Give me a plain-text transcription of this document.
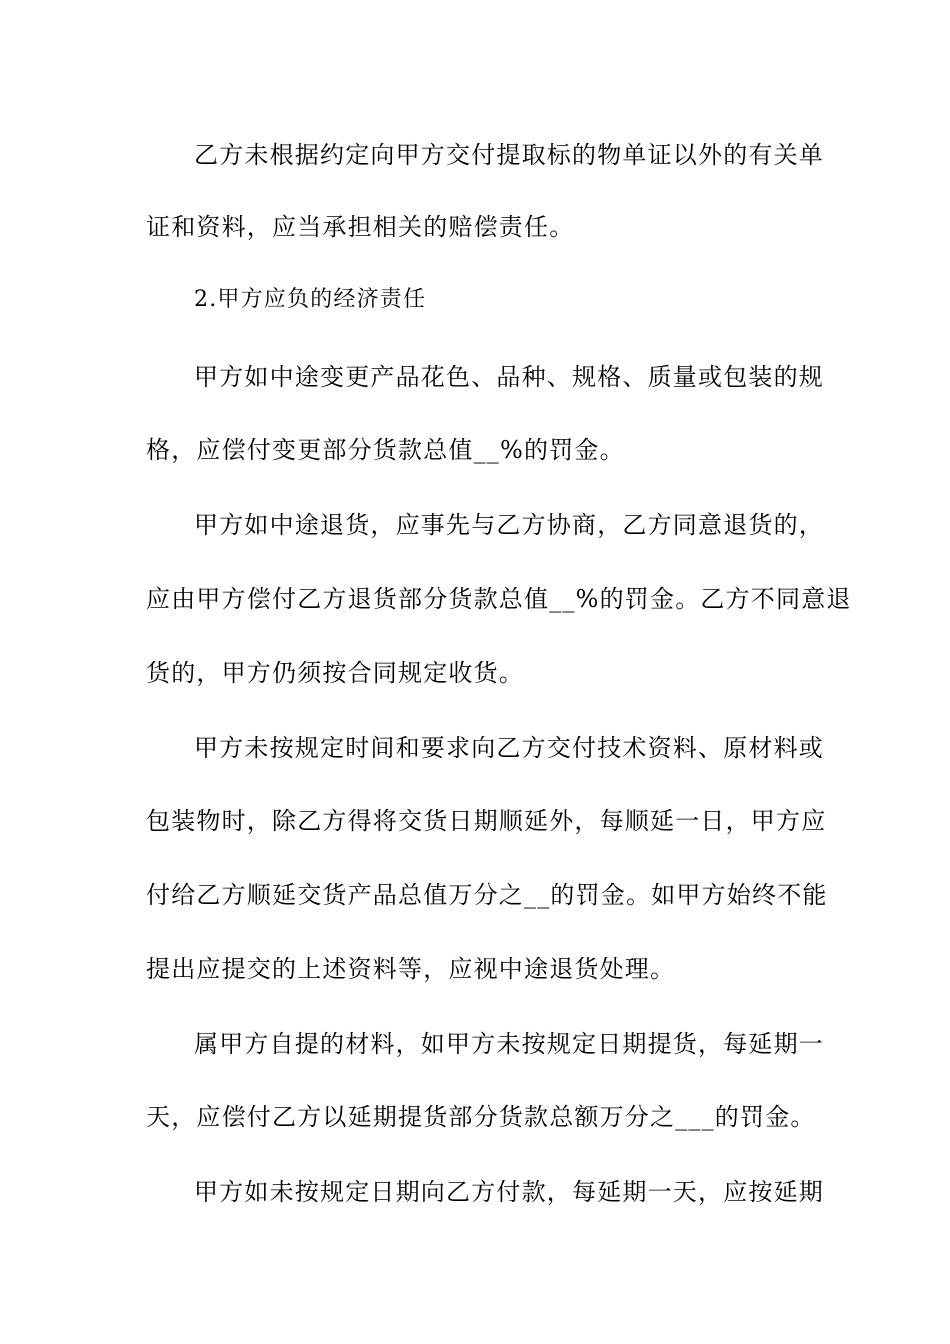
乙方未根据约定向甲方交付提取标的物单证以外的有关单
证和资料，应当承担相关的赔偿责任。
2.甲方应负的经济责任
甲方如中途变更产品花色、品种、规格、质量或包装的规
格，应偿付变更部分货款总值__%的罚金。
甲方如中途退货，应事先与乙方协商，乙方同意退货的，
应由甲方偿付乙方退货部分货款总值__%的罚金。乙方不同意退
货的，甲方仍须按合同规定收货。
甲方未按规定时间和要求向乙方交付技术资料、原材料或
包装物时，除乙方得将交货日期顺延外，每顺延一日，甲方应
付给乙方顺延交货产品总值万分之__的罚金。如甲方始终不能
提出应提交的上述资料等，应视中途退货处理。
属甲方自提的材料，如甲方未按规定日期提货，每延期一
天，应偿付乙方以延期提货部分货款总额万分之___的罚金。
甲方如未按规定日期向乙方付款，每延期一天，应按延期
